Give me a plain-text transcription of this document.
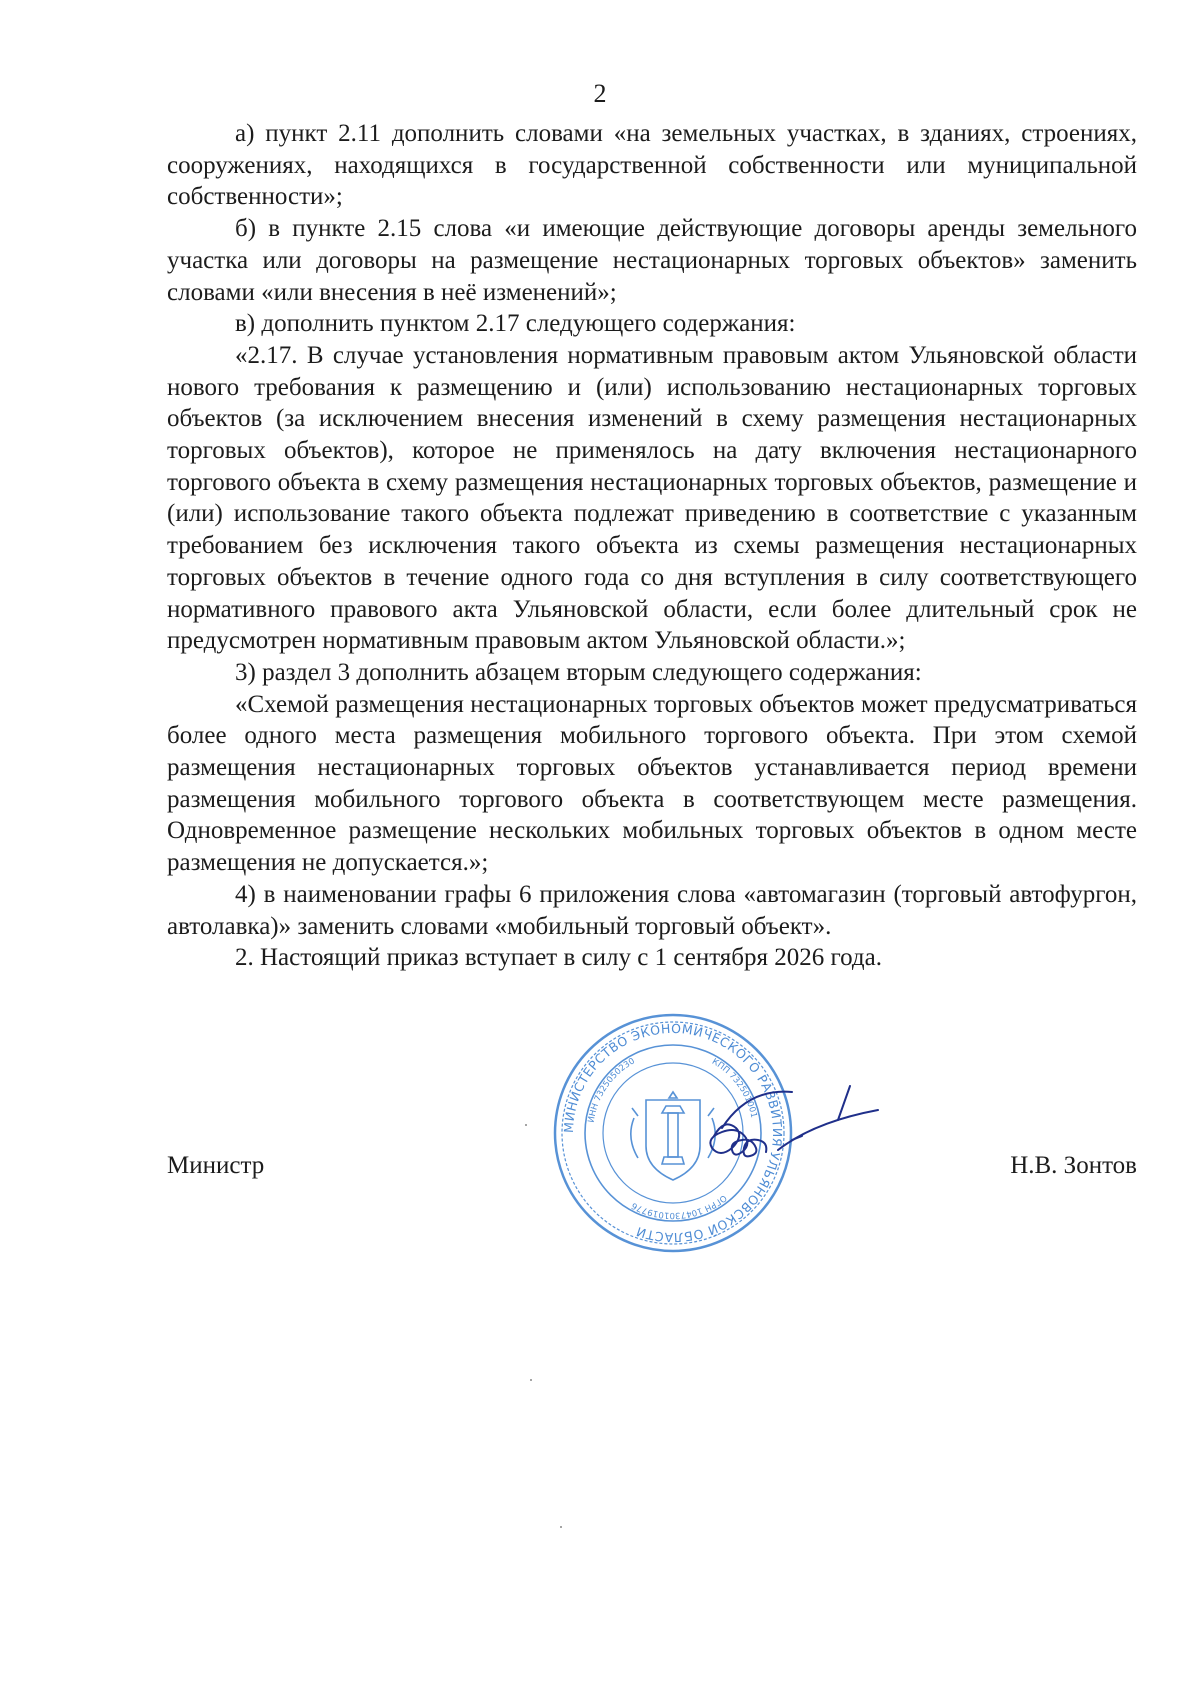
2

а) пункт 2.11 дополнить словами «на земельных участках, в зданиях, строениях, сооружениях, находящихся в государственной собственности или муниципальной собственности»;

б) в пункте 2.15 слова «и имеющие действующие договоры аренды земельного участка или договоры на размещение нестационарных торговых объектов» заменить словами «или внесения в неё изменений»;

в) дополнить пунктом 2.17 следующего содержания:

«2.17. В случае установления нормативным правовым актом Ульяновской области нового требования к размещению и (или) использованию нестационарных торговых объектов (за исключением внесения изменений в схему размещения нестационарных торговых объектов), которое не применялось на дату включения нестационарного торгового объекта в схему размещения нестационарных торговых объектов, размещение и (или) использование такого объекта подлежат приведению в соответствие с указанным требованием без исключения такого объекта из схемы размещения нестационарных торговых объектов в течение одного года со дня вступления в силу соответствующего нормативного правового акта Ульяновской области, если более длительный срок не предусмотрен нормативным правовым актом Ульяновской области.»;

3) раздел 3 дополнить абзацем вторым следующего содержания:

«Схемой размещения нестационарных торговых объектов может предусматриваться более одного места размещения мобильного торгового объекта. При этом схемой размещения нестационарных торговых объектов устанавливается период времени размещения мобильного торгового объекта в соответствующем месте размещения. Одновременное размещение нескольких мобильных торговых объектов в одном месте размещения не допускается.»;

4) в наименовании графы 6 приложения слова «автомагазин (торговый автофургон, автолавка)» заменить словами «мобильный торговый объект».

2. Настоящий приказ вступает в силу с 1 сентября 2026 года.

МИНИСТЕРСТВО ЭКОНОМИЧЕСКОГО РАЗВИТИЯ УЛЬЯНОВСКОЙ ОБЛАСТИ
ИНН 7325050230	КПП 732501001
ОГРН 1047301019776
Министр	Н.В. Зонтов
